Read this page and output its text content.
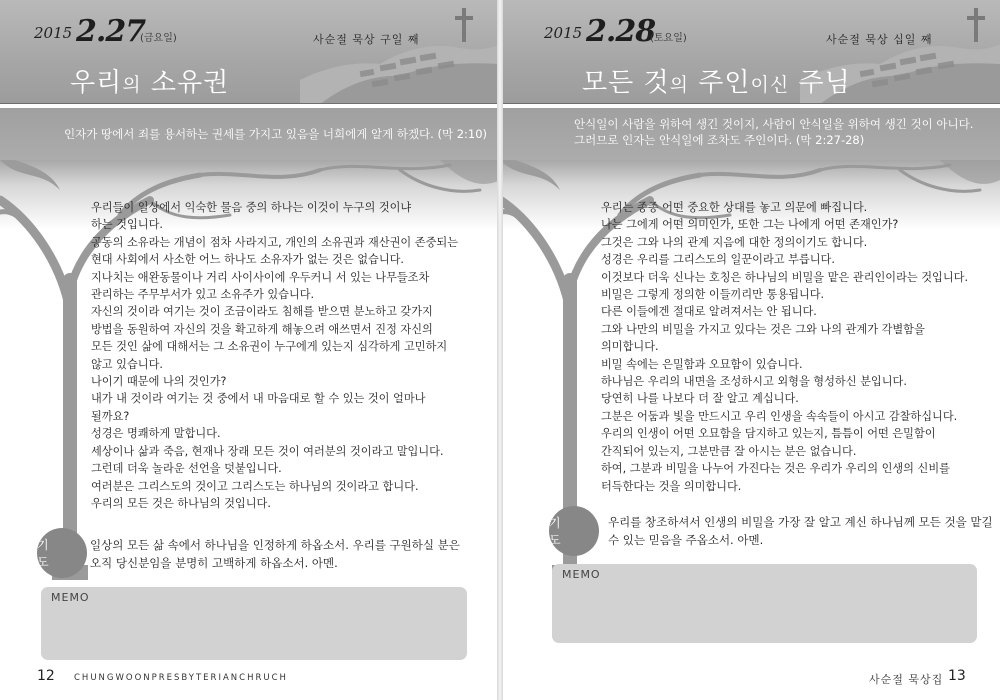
2015 2.27
(금요일)	사순절 묵상 구일 째
우리의 소유권
인자가 땅에서 죄를 용서하는 권세를 가지고 있음을 너희에게 알게 하겠다. (막 2:10)
우리들이 일상에서 익숙한 물음 중의 하나는 이것이 누구의 것이냐
하는 것입니다.
공동의 소유라는 개념이 점차 사라지고, 개인의 소유권과 재산권이 존중되는
현대 사회에서 사소한 어느 하나도 소유자가 없는 것은 없습니다.
지나치는 애완동물이나 거리 사이사이에 우두커니 서 있는 나무들조차
관리하는 주무부서가 있고 소유주가 있습니다.
자신의 것이라 여기는 것이 조금이라도 침해를 받으면 분노하고 갖가지
방법을 동원하여 자신의 것을 확고하게 해놓으려 애쓰면서 진정 자신의
모든 것인 삶에 대해서는 그 소유권이 누구에게 있는지 심각하게 고민하지
않고 있습니다.
나이기 때문에 나의 것인가?
내가 내 것이라 여기는 것 중에서 내 마음대로 할 수 있는 것이 얼마나
될까요?
성경은 명쾌하게 말합니다.
세상이나 삶과 죽음, 현재나 장래 모든 것이 여러분의 것이라고 말입니다.
그런데 더욱 놀라운 선언을 덧붙입니다.
여러분은 그리스도의 것이고 그리스도는 하나님의 것이라고 합니다.
우리의 모든 것은 하나님의 것입니다.
기 도
일상의 모든 삶 속에서 하나님을 인정하게 하옵소서. 우리를 구원하실 분은
오직 당신분임을 분명히 고백하게 하옵소서. 아멘.
MEMO
12 CHUNGWOONPRESBYTERIANCHRUCH
2015 2.28
(토요일)	사순절 묵상 십일 째
모든 것의 주인이신 주님
안식일이 사람을 위하여 생긴 것이지, 사람이 안식일을 위하여 생긴 것이 아니다.
그러므로 인자는 안식일에 조차도 주인이다. (막 2:27-28)
우리는 종종 어떤 중요한 상대를 놓고 의문에 빠집니다.
나는 그에게 어떤 의미인가, 또한 그는 나에게 어떤 존재인가?
그것은 그와 나의 관계 지음에 대한 정의이기도 합니다.
성경은 우리를 그리스도의 일꾼이라고 부릅니다.
이것보다 더욱 신나는 호칭은 하나님의 비밀을 맡은 관리인이라는 것입니다.
비밀은 그렇게 정의한 이들끼리만 통용됩니다.
다른 이들에겐 절대로 알려져서는 안 됩니다.
그와 나만의 비밀을 가지고 있다는 것은 그와 나의 관계가 각별함을
의미합니다.
비밀 속에는 은밀함과 오묘함이 있습니다.
하나님은 우리의 내면을 조성하시고 외형을 형성하신 분입니다.
당연히 나를 나보다 더 잘 알고 계십니다.
그분은 어둠과 빛을 만드시고 우리 인생을 속속들이 아시고 감찰하십니다.
우리의 인생이 어떤 오묘함을 담지하고 있는지, 틈틈이 어떤 은밀함이
간직되어 있는지, 그분만큼 잘 아시는 분은 없습니다.
하여, 그분과 비밀을 나누어 가진다는 것은 우리가 우리의 인생의 신비를
터득한다는 것을 의미합니다.
기 도
우리를 창조하셔서 인생의 비밀을 가장 잘 알고 계신 하나님께 모든 것을 맡길
수 있는 믿음을 주옵소서. 아멘.
MEMO
사순절 묵상집 13
